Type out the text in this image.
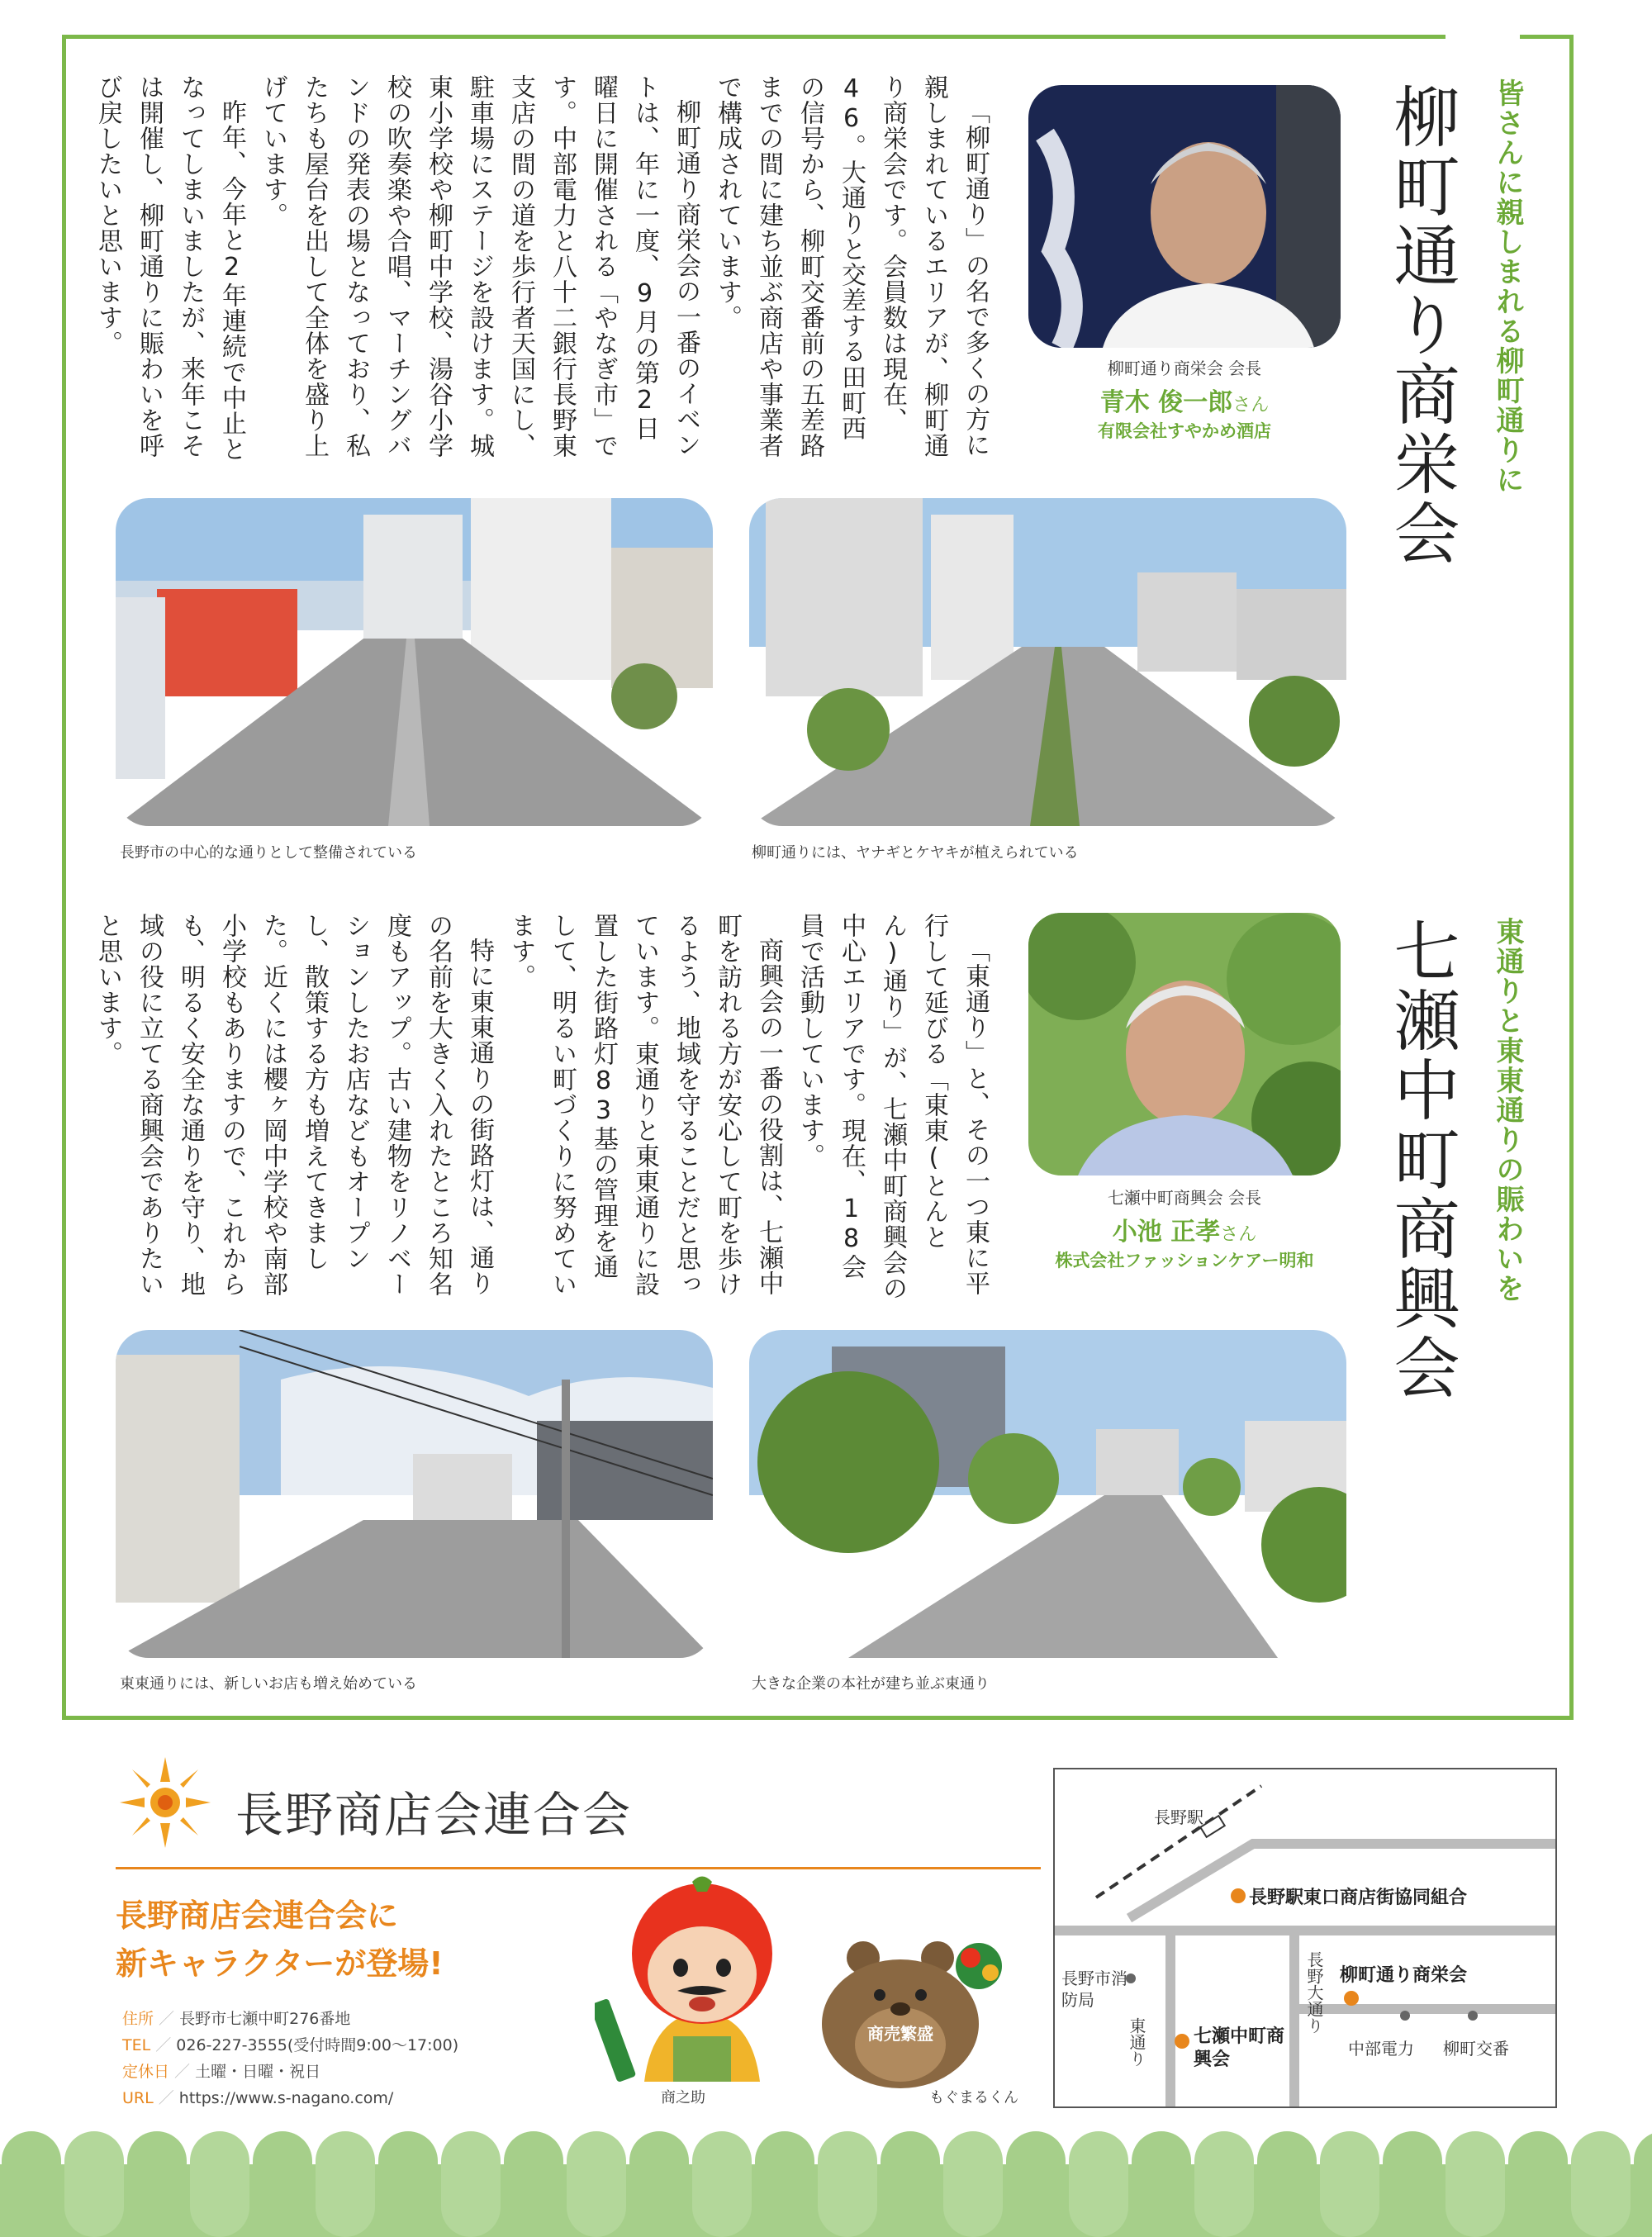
皆さんに親しまれる柳町通りに
柳町通り商栄会
柳町通り商栄会 会長
青木 俊一郎さん
有限会社すやかめ酒店

「柳町通り」の名で多くの方に親しまれているエリアが、柳町通り商栄会です。会員数は現在、46。大通りと交差する田町西の信号から、柳町交番前の五差路までの間に建ち並ぶ商店や事業者で構成されています。

柳町通り商栄会の一番のイベントは、年に一度、9月の第2日曜日に開催される「やなぎ市」です。中部電力と八十二銀行長野東支店の間の道を歩行者天国にし、駐車場にステージを設けます。城東小学校や柳町中学校、湯谷小学校の吹奏楽や合唱、マーチングバンドの発表の場となっており、私たちも屋台を出して全体を盛り上げています。

昨年、今年と2年連続で中止となってしまいましたが、来年こそは開催し、柳町通りに賑わいを呼び戻したいと思います。

長野市の中心的な通りとして整備されている	柳町通りには、ヤナギとケヤキが植えられている
東通りと東東通りの賑わいを
七瀬中町商興会
七瀬中町商興会 会長
小池 正孝さん
株式会社ファッションケアー明和

「東通り」と、その一つ東に平行して延びる「東東(とんとん)通り」が、七瀬中町商興会の中心エリアです。現在、18会員で活動しています。

商興会の一番の役割は、七瀬中町を訪れる方が安心して町を歩けるよう、地域を守ることだと思っています。東通りと東東通りに設置した街路灯83基の管理を通して、明るい町づくりに努めています。

特に東東通りの街路灯は、通りの名前を大きく入れたところ知名度もアップ。古い建物をリノベーションしたお店などもオープンし、散策する方も増えてきました。近くには櫻ヶ岡中学校や南部小学校もありますので、これからも、明るく安全な通りを守り、地域の役に立てる商興会でありたいと思います。

東東通りには、新しいお店も増え始めている	大きな企業の本社が建ち並ぶ東通り
長野商店会連合会
長野商店会連合会に
新キャラクターが登場!
住所 ／ 長野市七瀬中町276番地
TEL ／ 026-227-3555(受付時間9:00〜17:00)
定休日 ／ 土曜・日曜・祝日
URL ／ https://www.s-nagano.com/
長野商店会連合会
商之助
商売繁盛
もぐまるくん
長野駅
長野駅東口商店街協同組合
長野市消防局
東通り	七瀬中町商興会
長野大通り 柳町通り商栄会
中部電力 柳町交番
